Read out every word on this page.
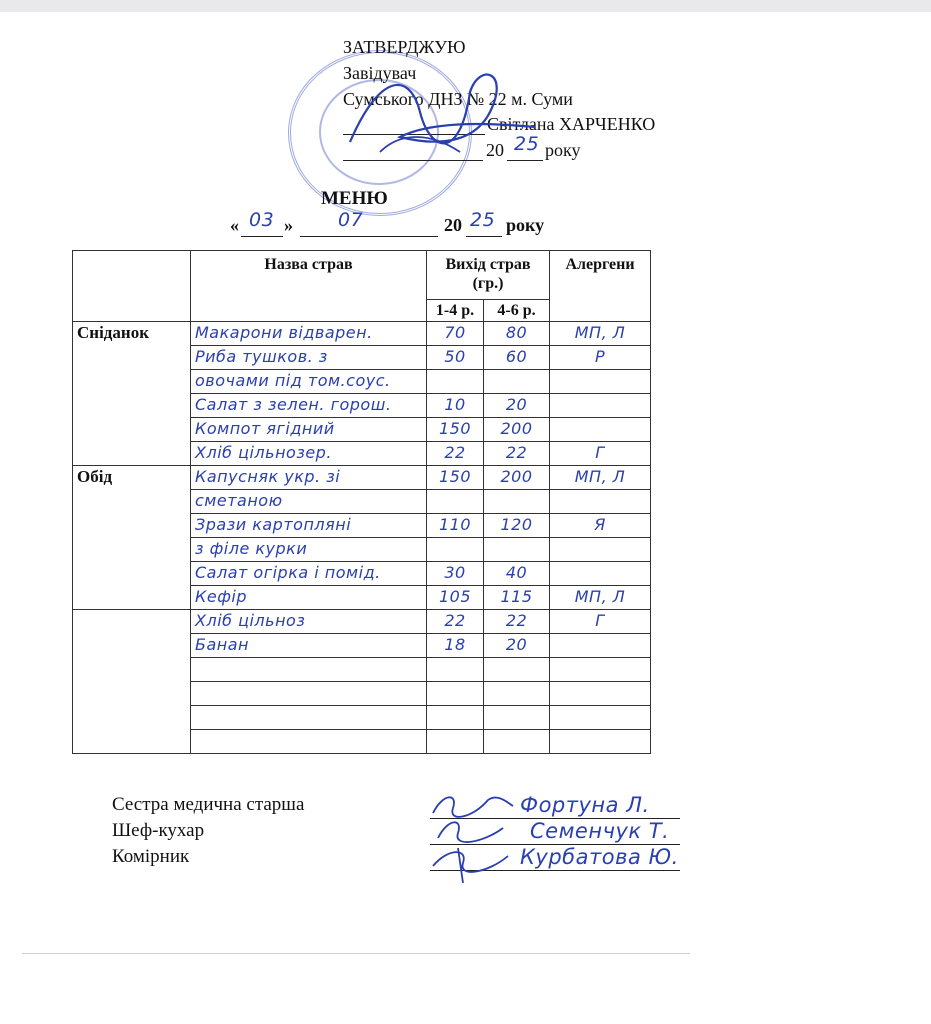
ЗАТВЕРДЖУЮ
Завідувач
Сумського ДНЗ № 22 м. Суми
Світлана ХАРЧЕНКО
20 25 року
МЕНЮ
« 03 » 07	20 25 року
	Назва страв	Вихід страв (гр.)		Алергени
		1-4 р.	4-6 р.	
Сніданок	Макарони відварен.	70	80	МП, Л
	Риба тушков. з	50	60	Р
	овочами під том.соус.			
	Салат з зелен. горош.	10	20	
	Компот ягідний	150	200	
	Хліб цільнозер.	22	22	Г
Обід	Капусняк укр. зі	150	200	МП, Л
	сметаною			
	Зрази картопляні	110	120	Я
	з філе курки			
	Салат огірка і помід.	30	40	
	Кефір	105	115	МП, Л
	Хліб цільноз	22	22	Г
	Банан	18	20	

Сестра медична старша
Шеф-кухар
Комірник
Фортуна Л.
Семенчук Т.
Курбатова Ю.
